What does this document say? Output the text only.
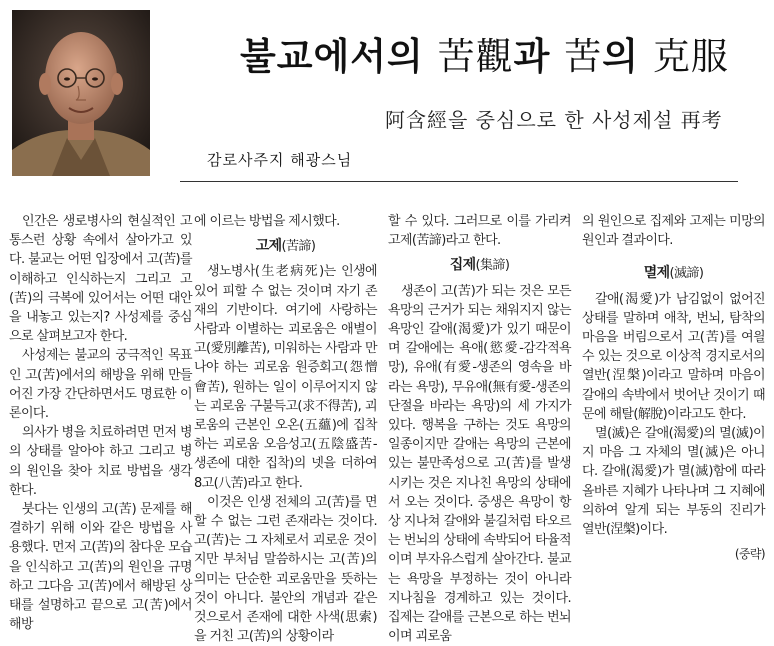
불교에서의 苦觀과 苦의 克服
阿含經을 중심으로 한 사성제설 再考
감로사주지 해광스님

인간은 생로병사의 현실적인 고통스런 상황 속에서 살아가고 있다. 불교는 어떤 입장에서 고(苦)를 이해하고 인식하는지 그리고 고(苦)의 극복에 있어서는 어떤 대안을 내놓고 있는지? 사성제를 중심으로 살펴보고자 한다.

사성제는 불교의 궁극적인 목표인 고(苦)에서의 해방을 위해 만들어진 가장 간단하면서도 명료한 이론이다.

의사가 병을 치료하려면 먼저 병의 상태를 알아야 하고 그리고 병의 원인을 찾아 치료 방법을 생각한다.

붓다는 인생의 고(苦) 문제를 해결하기 위해 이와 같은 방법을 사용했다. 먼저 고(苦)의 참다운 모습을 인식하고 고(苦)의 원인을 규명하고 그다음 고(苦)에서 해방된 상태를 설명하고 끝으로 고(苦)에서 해방

에 이르는 방법을 제시했다.

고제(苦諦)

생노병사(生老病死)는 인생에 있어 피할 수 없는 것이며 자기 존재의 기반이다. 여기에 사랑하는 사람과 이별하는 괴로움은 애별이고(愛別離苦), 미워하는 사람과 만나야 하는 괴로움 원증회고(怨憎會苦), 원하는 일이 이루어지지 않는 괴로움 구불득고(求不得苦), 괴로움의 근본인 오온(五蘊)에 집착하는 괴로움 오음성고(五陰盛苦-생존에 대한 집착)의 넷을 더하여 8고(八苦)라고 한다.

이것은 인생 전체의 고(苦)를 면할 수 없는 그런 존재라는 것이다. 고(苦)는 그 자체로서 괴로운 것이지만 부처님 말씀하시는 고(苦)의 의미는 단순한 괴로움만을 뜻하는 것이 아니다. 불안의 개념과 같은 것으로서 존재에 대한 사색(思索)을 거친 고(苦)의 상황이라

할 수 있다. 그러므로 이를 가리켜 고제(苦諦)라고 한다.

집제(集諦)

생존이 고(苦)가 되는 것은 모든 욕망의 근거가 되는 채워지지 않는 욕망인 갈애(渴愛)가 있기 때문이며 갈애에는 욕애(慾愛-감각적욕망), 유애(有愛-생존의 영속을 바라는 욕망), 무유애(無有愛-생존의 단절을 바라는 욕망)의 세 가지가 있다. 행복을 구하는 것도 욕망의 일종이지만 갈애는 욕망의 근본에 있는 불만족성으로 고(苦)를 발생시키는 것은 지나친 욕망의 상태에서 오는 것이다. 중생은 욕망이 항상 지나쳐 갈애와 불길처럼 타오르는 번뇌의 상태에 속박되어 타율적이며 부자유스럽게 살아간다. 불교는 욕망을 부정하는 것이 아니라 지나침을 경계하고 있는 것이다. 집제는 갈애를 근본으로 하는 번뇌이며 괴로움

의 원인으로 집제와 고제는 미망의 원인과 결과이다.

멸제(滅諦)

갈애(渴愛)가 남김없이 없어진 상태를 말하며 애착, 번뇌, 탐착의 마음을 버림으로서 고(苦)를 여읠 수 있는 것으로 이상적 경지로서의 열반(涅槃)이라고 말하며 마음이 갈애의 속박에서 벗어난 것이기 때문에 해탈(解脫)이라고도 한다.

멸(滅)은 갈애(渴愛)의 멸(滅)이지 마음 그 자체의 멸(滅)은 아니다. 갈애(渴愛)가 멸(滅)함에 따라 올바른 지혜가 나타나며 그 지혜에 의하여 알게 되는 부동의 진리가 열반(涅槃)이다.

(중략)
